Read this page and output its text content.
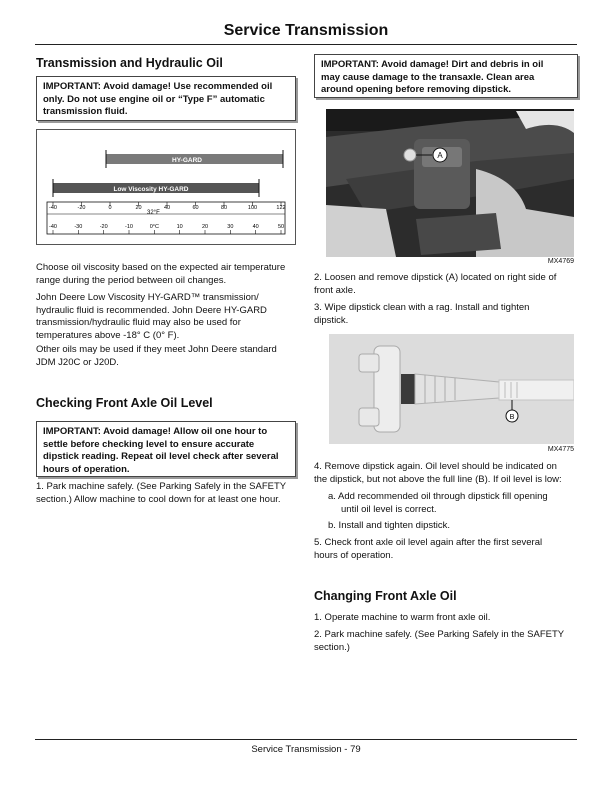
Service Transmission
Transmission and Hydraulic Oil
IMPORTANT: Avoid damage! Use recommended oil
only. Do not use engine oil or “Type F” automatic
transmission fluid.
HY-GARD
Low Viscosity HY-GARD
-40	-20	0	20	40	60	80	100	122
-40	-30	-20	-10	0°C	10	20	30	40	50
32°F
Choose oil viscosity based on the expected air temperature
range during the period between oil changes.
John Deere Low Viscosity HY-GARD™ transmission/
hydraulic fluid is recommended. John Deere HY-GARD
transmission/hydraulic fluid may also be used for
temperatures above -18° C (0° F).
Other oils may be used if they meet John Deere standard
JDM J20C or J20D.
Checking Front Axle Oil Level
IMPORTANT: Avoid damage! Allow oil one hour to
settle before checking level to ensure accurate
dipstick reading. Repeat oil level check after several
hours of operation.
1. Park machine safely. (See Parking Safely in the SAFETY
section.) Allow machine to cool down for at least one hour.
IMPORTANT: Avoid damage! Dirt and debris in oil
may cause damage to the transaxle. Clean area
around opening before removing dipstick.
A
MX4769
2. Loosen and remove dipstick (A) located on right side of
front axle.
3. Wipe dipstick clean with a rag. Install and tighten
dipstick.
B
MX4775
4. Remove dipstick again. Oil level should be indicated on
the dipstick, but not above the full line (B). If oil level is low:
a. Add recommended oil through dipstick fill opening
until oil level is correct.
b. Install and tighten dipstick.
5. Check front axle oil level again after the first several
hours of operation.
Changing Front Axle Oil
1. Operate machine to warm front axle oil.
2. Park machine safely. (See Parking Safely in the SAFETY
section.)
Service Transmission - 79
